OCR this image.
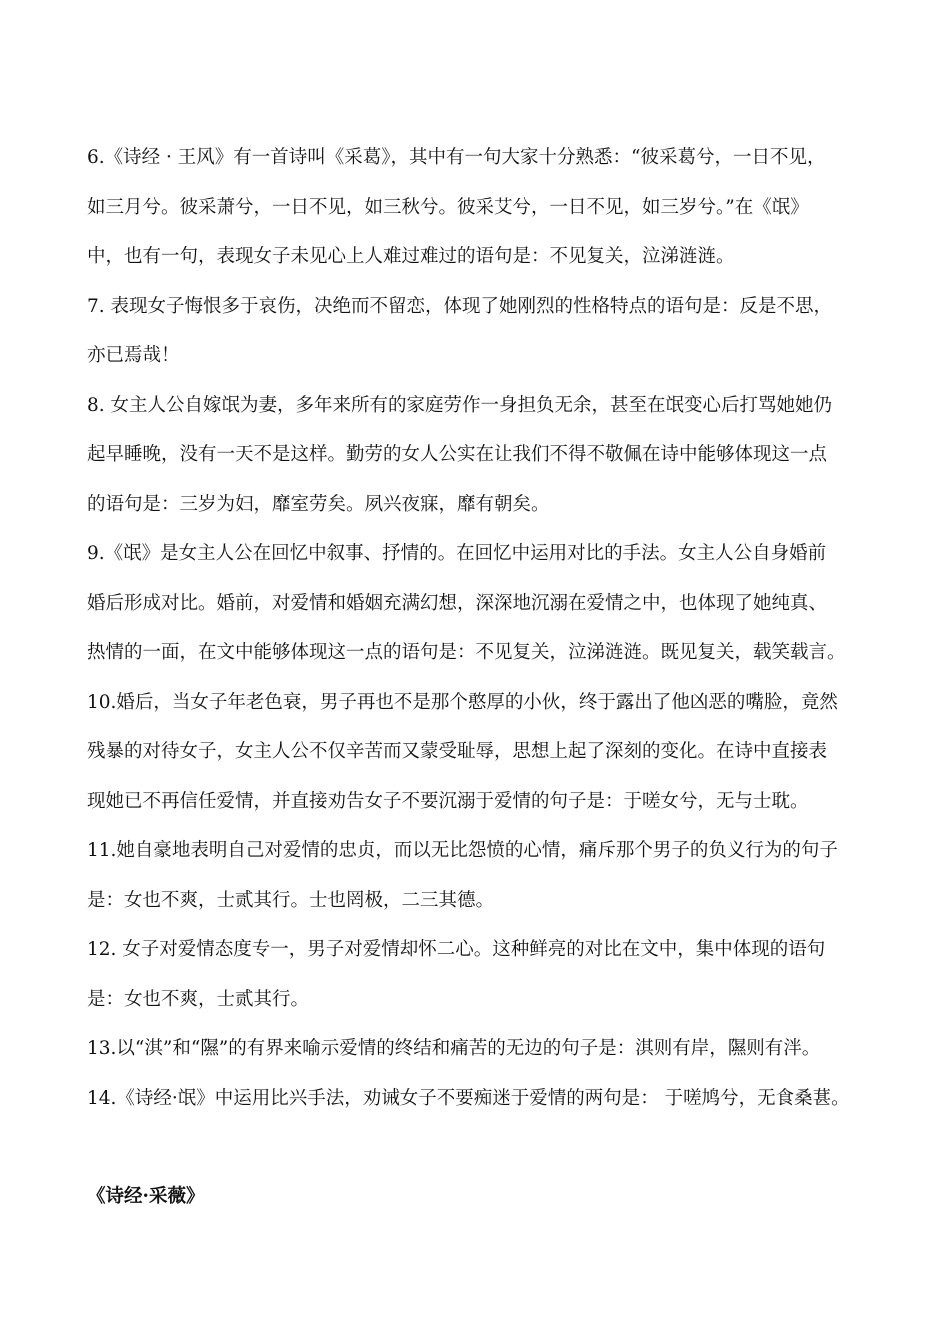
6.《诗经 · 王风》有一首诗叫《采葛》，其中有一句大家十分熟悉：“彼采葛兮，一日不见，

如三月兮。彼采萧兮，一日不见，如三秋兮。彼采艾兮，一日不见，如三岁兮。”在《氓》

中，也有一句，表现女子未见心上人难过难过的语句是：不见复关，泣涕涟涟。

7. 表现女子悔恨多于哀伤，决绝而不留恋，体现了她刚烈的性格特点的语句是：反是不思，

亦已焉哉！

8. 女主人公自嫁氓为妻，多年来所有的家庭劳作一身担负无余，甚至在氓变心后打骂她她仍

起早睡晚，没有一天不是这样。勤劳的女人公实在让我们不得不敬佩在诗中能够体现这一点

的语句是：三岁为妇，靡室劳矣。夙兴夜寐，靡有朝矣。

9.《氓》是女主人公在回忆中叙事、抒情的。在回忆中运用对比的手法。女主人公自身婚前

婚后形成对比。婚前，对爱情和婚姻充满幻想，深深地沉溺在爱情之中，也体现了她纯真、

热情的一面，在文中能够体现这一点的语句是：不见复关，泣涕涟涟。既见复关，载笑载言。

10.婚后，当女子年老色衰，男子再也不是那个憨厚的小伙，终于露出了他凶恶的嘴脸，竟然

残暴的对待女子，女主人公不仅辛苦而又蒙受耻辱，思想上起了深刻的变化。在诗中直接表

现她已不再信任爱情，并直接劝告女子不要沉溺于爱情的句子是：于嗟女兮，无与士耽。

11.她自豪地表明自己对爱情的忠贞，而以无比怨愤的心情，痛斥那个男子的负义行为的句子

是：女也不爽，士贰其行。士也罔极，二三其德。

12. 女子对爱情态度专一，男子对爱情却怀二心。这种鲜亮的对比在文中，集中体现的语句

是：女也不爽，士贰其行。

13.以“淇”和“隰”的有界来喻示爱情的终结和痛苦的无边的句子是：淇则有岸，隰则有泮。

14.《诗经·氓》中运用比兴手法，劝诫女子不要痴迷于爱情的两句是： 于嗟鸠兮，无食桑葚。

《诗经·采薇》
